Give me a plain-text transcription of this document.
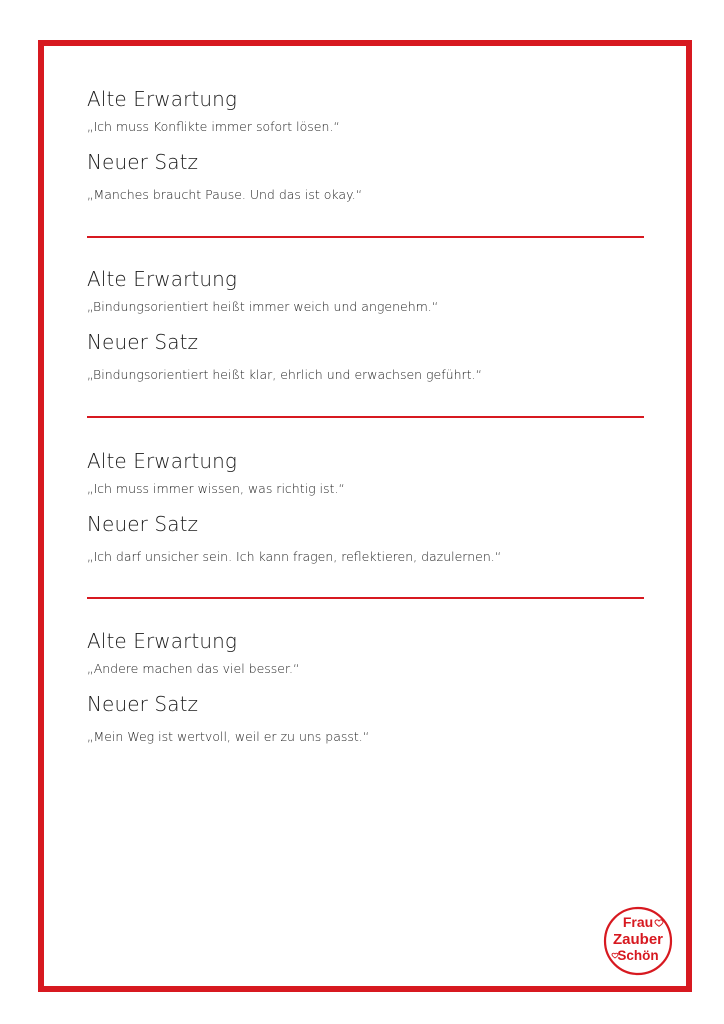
Alte Erwartung
„Ich muss Konflikte immer sofort lösen.“
Neuer Satz
„Manches braucht Pause. Und das ist okay.“
Alte Erwartung
„Bindungsorientiert heißt immer weich und angenehm.“
Neuer Satz
„Bindungsorientiert heißt klar, ehrlich und erwachsen geführt.“
Alte Erwartung
„Ich muss immer wissen, was richtig ist.“
Neuer Satz
„Ich darf unsicher sein. Ich kann fragen, reflektieren, dazulernen.“
Alte Erwartung
„Andere machen das viel besser.“
Neuer Satz
„Mein Weg ist wertvoll, weil er zu uns passt.“
Frau
Zauber
Schön
